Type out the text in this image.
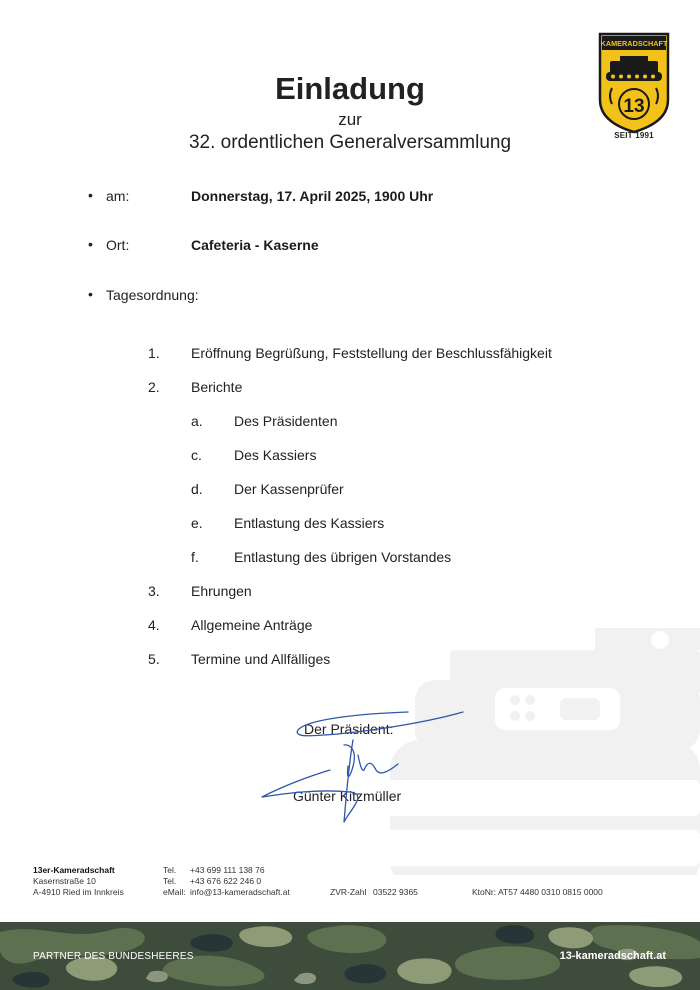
KAMERADSCHAFT
13
SEIT 1991
Einladung
zur
32. ordentlichen Generalversammlung
• am:	Donnerstag, 17. April 2025, 1900 Uhr
• Ort:	Cafeteria - Kaserne
• Tagesordnung:
1. Eröffnung Begrüßung, Feststellung der Beschlussfähigkeit
2. Berichte
a. Des Präsidenten
c. Des Kassiers
d. Der Kassenprüfer
e. Entlastung des Kassiers
f.	Entlastung des übrigen Vorstandes
3. Ehrungen
4. Allgemeine Anträge
5. Termine und Allfälliges
Der Präsident:
Günter Kitzmüller
13er-Kameradschaft
Kasernstraße 10
A-4910 Ried im Innkreis
Tel. +43 699 111 138 76
Tel. +43 676 622 246 0
eMail: info@13-kameradschaft.at	ZVR-Zahl 03522 9365	KtoNr: AT57 4480 0310 0815 0000
PARTNER DES BUNDESHEERES	13-kameradschaft.at
